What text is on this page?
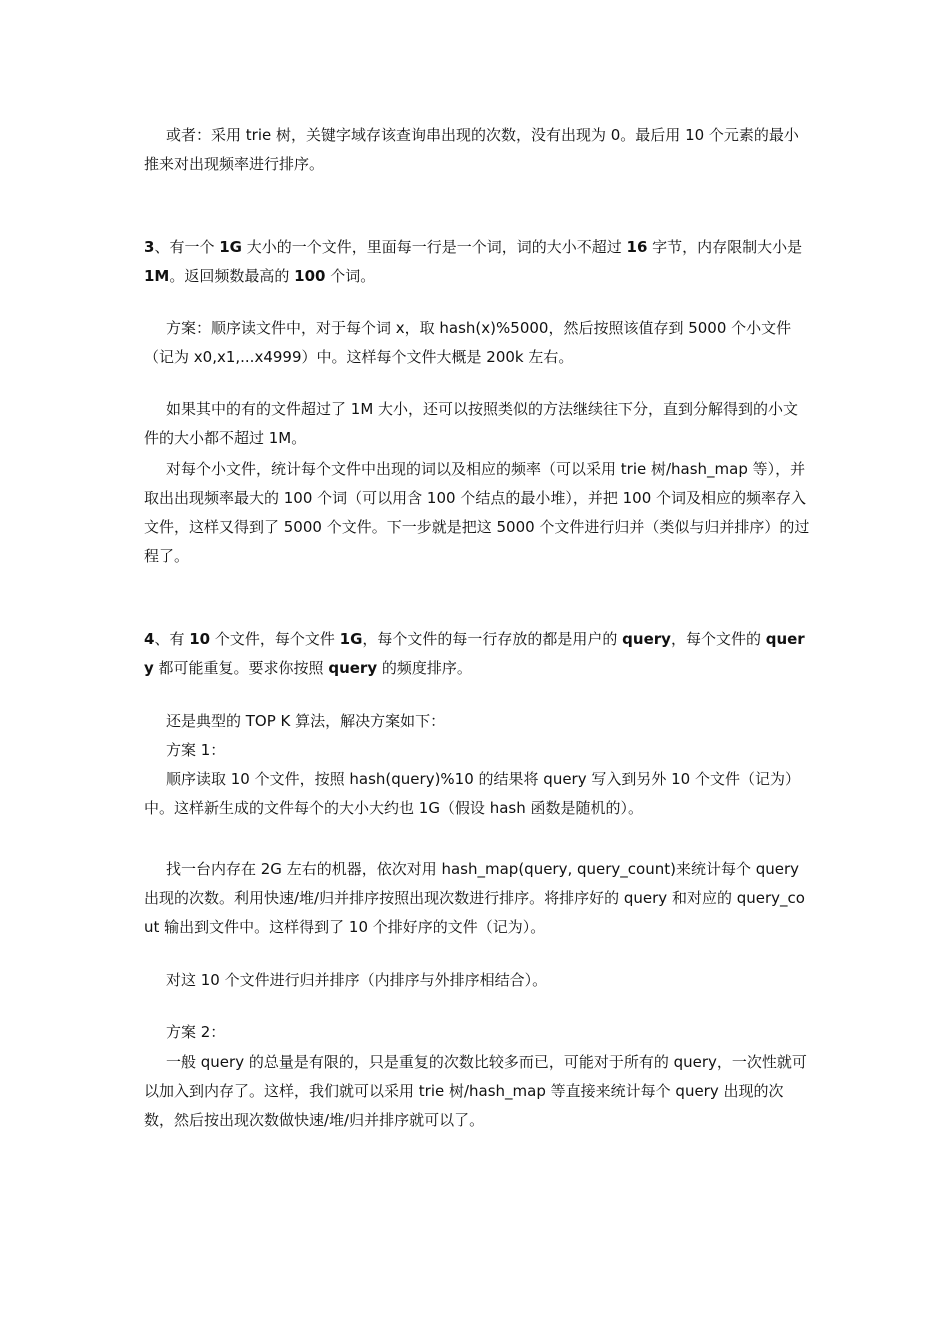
或者：采用 trie 树，关键字域存该查询串出现的次数，没有出现为 0。最后用 10 个元素的最小推来对出现频率进行排序。

3、有一个 1G 大小的一个文件，里面每一行是一个词，词的大小不超过 16 字节，内存限制大小是 1M。返回频数最高的 100 个词。

方案：顺序读文件中，对于每个词 x，取 hash(x)%5000，然后按照该值存到 5000 个小文件（记为 x0,x1,...x4999）中。这样每个文件大概是 200k 左右。

如果其中的有的文件超过了 1M 大小，还可以按照类似的方法继续往下分，直到分解得到的小文件的大小都不超过 1M。

对每个小文件，统计每个文件中出现的词以及相应的频率（可以采用 trie 树/hash_map 等），并取出出现频率最大的 100 个词（可以用含 100 个结点的最小堆），并把 100 个词及相应的频率存入文件，这样又得到了 5000 个文件。下一步就是把这 5000 个文件进行归并（类似与归并排序）的过程了。

4、有 10 个文件，每个文件 1G，每个文件的每一行存放的都是用户的 query，每个文件的 query 都可能重复。要求你按照 query 的频度排序。

还是典型的 TOP K 算法，解决方案如下：

方案 1：

顺序读取 10 个文件，按照 hash(query)%10 的结果将 query 写入到另外 10 个文件（记为）中。这样新生成的文件每个的大小大约也 1G（假设 hash 函数是随机的）。

找一台内存在 2G 左右的机器，依次对用 hash_map(query, query_count)来统计每个 query 出现的次数。利用快速/堆/归并排序按照出现次数进行排序。将排序好的 query 和对应的 query_cout 输出到文件中。这样得到了 10 个排好序的文件（记为）。

对这 10 个文件进行归并排序（内排序与外排序相结合）。

方案 2：

一般 query 的总量是有限的，只是重复的次数比较多而已，可能对于所有的 query，一次性就可以加入到内存了。这样，我们就可以采用 trie 树/hash_map 等直接来统计每个 query 出现的次数，然后按出现次数做快速/堆/归并排序就可以了。
